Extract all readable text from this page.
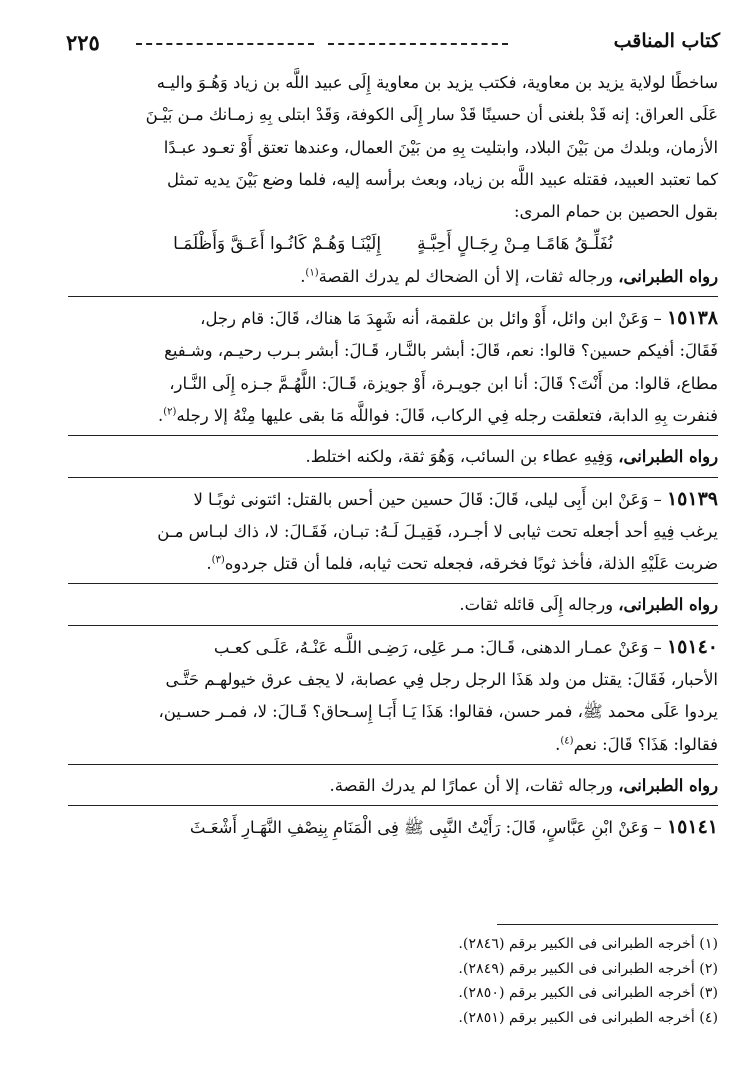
٢٢٥	كتاب المناقب

ساخطًا لولاية يزيد بن معاوية، فكتب يزيد بن معاوية إِلَى عبيد اللَّه بن زياد وَهُـوَ واليـه

عَلَى العراق: إنه قَدْ بلغنى أن حسينًا قَدْ سار إِلَى الكوفة، وَقَدْ ابتلى بِهِ زمـانك مـن بَيْـنَ

الأزمان، وبلدك من بَيْنَ البلاد، وابتليت بِهِ من بَيْنَ العمال، وعندها تعتق أَوْ تعـود عبـدًا

كما تعتبد العبيد، فقتله عبيد اللَّه بن زياد، وبعث برأسه إليه، فلما وضع بَيْنَ يديه تمثل

بقول الحصين بن حمام المرى:

نُفَلِّـقُ هَامًـا مِـنْ رِجَـالٍ أَحِبَّـةٍإِلَيْنَـا وَهُـمْ كَانُـوا أَعَـقَّ وَأَظْلَمَـا

رواه الطبرانى، ورجاله ثقات، إلا أن الضحاك لم يدرك القصة$^{(١)}$.

١٥١٣٨ – وَعَنْ ابن وائل، أَوْ وائل بن علقمة، أنه شَهِدَ مَا هناك، قَالَ: قام رجل،

فَقَالَ: أفيكم حسين؟ قالوا: نعم، قَالَ: أبشر بالنَّـار، قَـالَ: أبشر بـرب رحيـم، وشـفيع

مطاع، قالوا: من أَنْتَ؟ قَالَ: أنا ابن جويـرة، أَوْ جويزة، قَـالَ: اللَّهُـمَّ جـزه إِلَى النَّـار،

فنفرت بِهِ الدابة، فتعلقت رجله فِي الركاب، قَالَ: فواللَّه مَا بقى عليها مِنْهُ إلا رجله$^{(٢)}$.

رواه الطبرانى، وَفِيهِ عطاء بن السائب، وَهُوَ ثقة، ولكنه اختلط.

١٥١٣٩ – وَعَنْ ابن أَبِى ليلى، قَالَ: قَالَ حسين حين أحس بالقتل: ائتونى ثوبًـا لا

يرغب فِيهِ أحد أجعله تحت ثيابى لا أجـرد، فَقِيـلَ لَـهُ: تبـان، فَقَـالَ: لا، ذاك لبـاس مـن

ضربت عَلَيْهِ الذلة، فأخذ ثوبًا فخرقه، فجعله تحت ثيابه، فلما أن قتل جردوه$^{(٣)}$.

رواه الطبرانى، ورجاله إِلَى قائله ثقات.

١٥١٤٠ – وَعَنْ عمـار الدهنى، قَـالَ: مـر عَلِى، رَضِـى اللَّـه عَنْـهُ، عَلَـى كعـب

الأحبار، فَقَالَ: يقتل من ولد هَذَا الرجل رجل فِي عصابة، لا يجف عرق خيولهـم حَتَّـى

يردوا عَلَى محمد ﷺ، فمر حسن، فقالوا: هَذَا يَـا أَبَـا إِسـحاق؟ قَـالَ: لا، فمـر حسـين،

فقالوا: هَذَا؟ قَالَ: نعم$^{(٤)}$.

رواه الطبرانى، ورجاله ثقات، إلا أن عمارًا لم يدرك القصة.

١٥١٤١ – وَعَنْ ابْنِ عَبَّاسٍ، قَالَ: رَأَيْتُ النَّبِى ﷺ فِى الْمَنَامِ بِنِصْفِ النَّهَـارِ أَشْعَـثَ

(١) أخرجه الطبرانى فى الكبير برقم (٢٨٤٦).
(٢) أخرجه الطبرانى فى الكبير برقم (٢٨٤٩).
(٣) أخرجه الطبرانى فى الكبير برقم (٢٨٥٠).
(٤) أخرجه الطبرانى فى الكبير برقم (٢٨٥١).
